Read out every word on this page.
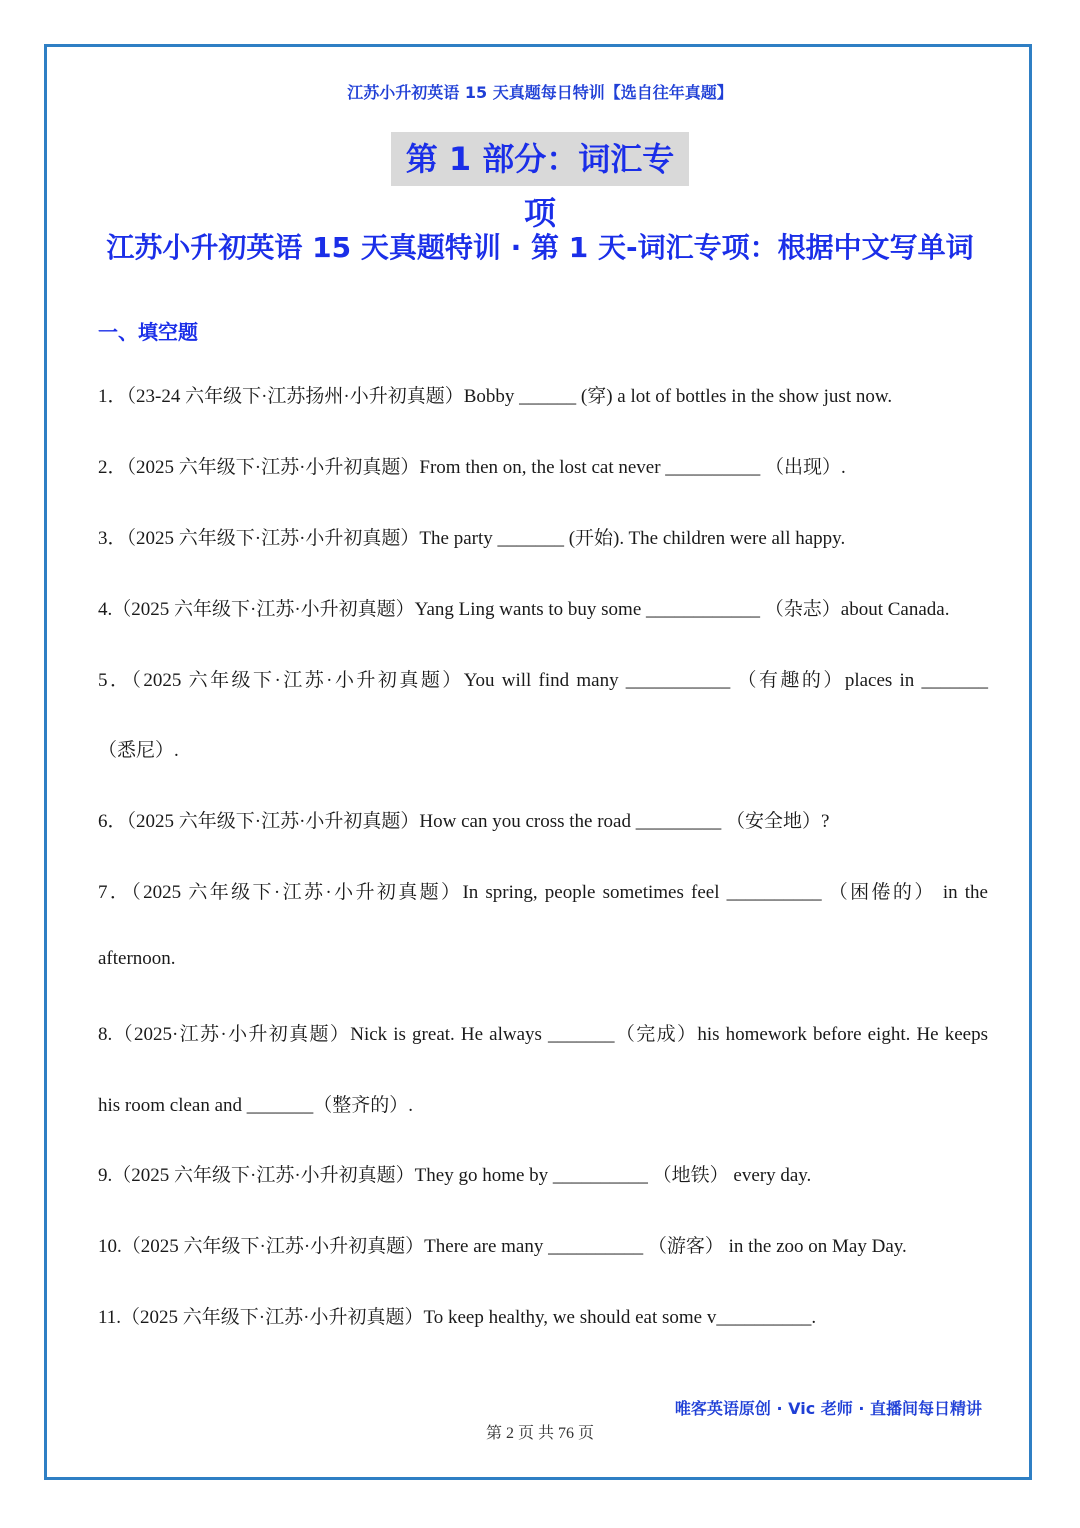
江苏小升初英语 15 天真题每日特训【选自往年真题】
第 1 部分：词汇专项
江苏小升初英语 15 天真题特训 · 第 1 天-词汇专项：根据中文写单词
一、填空题
1．（23-24 六年级下·江苏扬州·小升初真题）Bobby ______ (穿) a lot of bottles in the show just now.
2．（2025 六年级下·江苏·小升初真题）From then on, the lost cat never __________ （出现）.
3．（2025 六年级下·江苏·小升初真题）The party _______ (开始). The children were all happy.
4.（2025 六年级下·江苏·小升初真题）Yang Ling wants to buy some ____________ （杂志）about Canada.
5．（2025 六年级下·江苏·小升初真题）You will find many ___________ （有趣的）places in _______
（悉尼）.
6．（2025 六年级下·江苏·小升初真题）How can you cross the road _________ （安全地）?
7．（2025 六年级下·江苏·小升初真题）In spring, people sometimes feel __________ （困倦的） in the
afternoon.
8.（2025·江苏·小升初真题）Nick is great. He always _______（完成）his homework before eight. He keeps
his room clean and _______（整齐的）.
9.（2025 六年级下·江苏·小升初真题）They go home by __________ （地铁） every day.
10.（2025 六年级下·江苏·小升初真题）There are many __________ （游客） in the zoo on May Day.
11.（2025 六年级下·江苏·小升初真题）To keep healthy, we should eat some v__________.
唯客英语原创 · Vic 老师 · 直播间每日精讲
第 2 页 共 76 页
